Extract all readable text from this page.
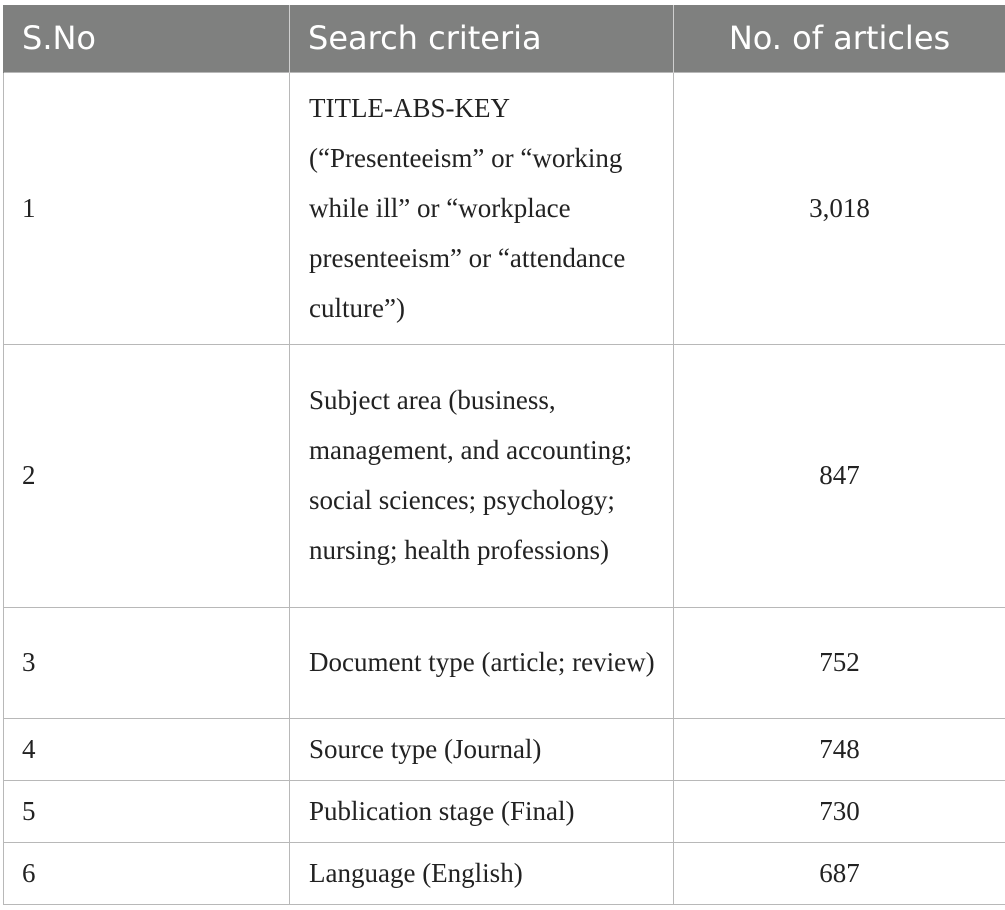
S.No	Search criteria	No. of articles
1	TITLE-ABS-KEY (“Presenteeism” or “working while ill” or “workplace presenteeism” or “attendance culture”)	3,018
2	Subject area (business, management, and accounting; social sciences; psychology; nursing; health professions)	847
3	Document type (article; review)	752
4	Source type (Journal)	748
5	Publication stage (Final)	730
6	Language (English)	687
